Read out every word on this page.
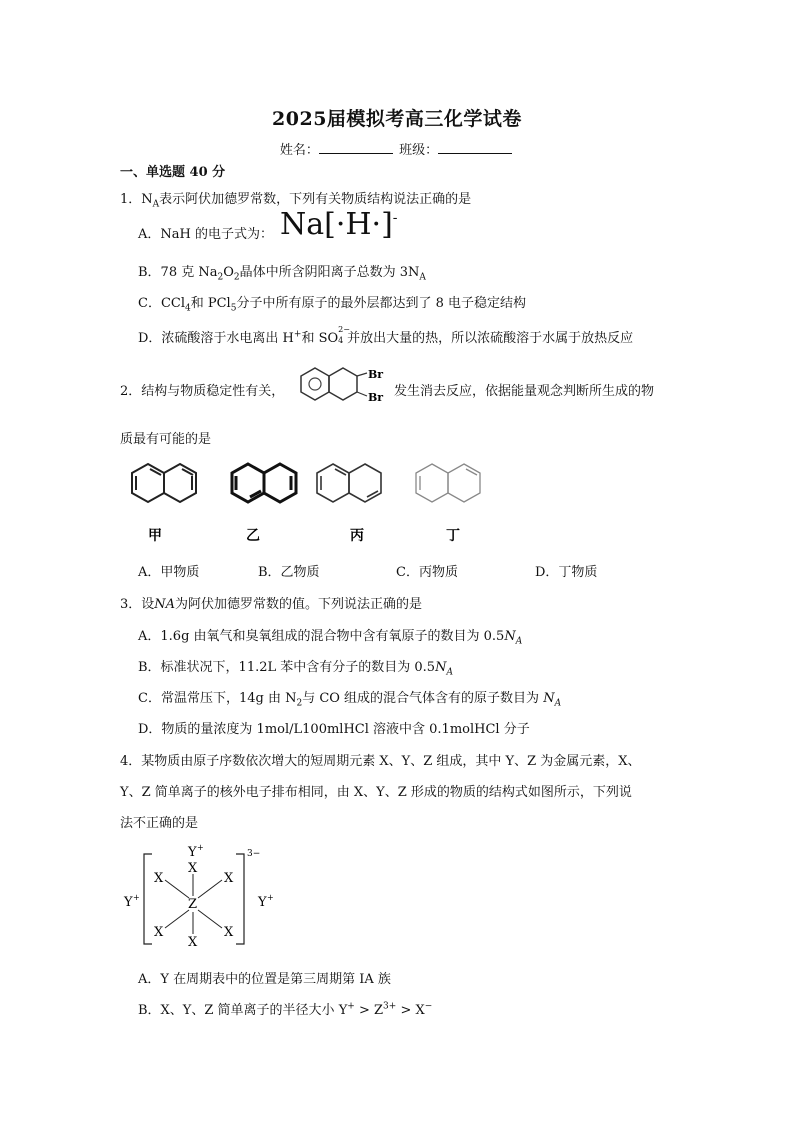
2025届模拟考高三化学试卷
姓名：	班级：
一、单选题 40 分
1．$N_A$表示阿伏加德罗常数，下列有关物质结构说法正确的是
A．NaH 的电子式为： Na[·H·]-
B．78 克 $Na_2O_2$晶体中所含阴阳离子总数为 $3N_A$
C．CCl$_4$和 PCl$_5$分子中所有原子的最外层都达到了 8 电子稳定结构
D．浓硫酸溶于水电离出 H+和 SO
2−
4 并放出大量的热，所以浓硫酸溶于水属于放热反应
2．结构与物质稳定性有关，
Br
Br 发生消去反应，依据能量观念判断所生成的物
质最有可能的是
甲	乙	丙	丁
A．甲物质	B．乙物质	C．丙物质	D．丁物质
3．设NA为阿伏加德罗常数的值。下列说法正确的是
A．1.6g 由氧气和臭氧组成的混合物中含有氧原子的数目为 $0.5N_A$
B．标准状况下，11.2L 苯中含有分子的数目为 $0.5N_A$
C．常温常压下，14g 由 $N_2$与 CO 组成的混合气体含有的原子数目为 $N_A$
D．物质的量浓度为 1mol/L100mlHCl 溶液中含 0.1molHCl 分子
4．某物质由原子序数依次增大的短周期元素 X、Y、Z 组成，其中 Y、Z 为金属元素，X、
Y、Z 简单离子的核外电子排布相同，由 X、Y、Z 形成的物质的结构式如图所示，下列说
法不正确的是
Y +
X
X	X
Z
X	X
X
Y +	Y +
3−
A．Y 在周期表中的位置是第三周期第 IA 族
B．X、Y、Z 简单离子的半径大小 $Y^+ > Z^{3+} > X^-$
